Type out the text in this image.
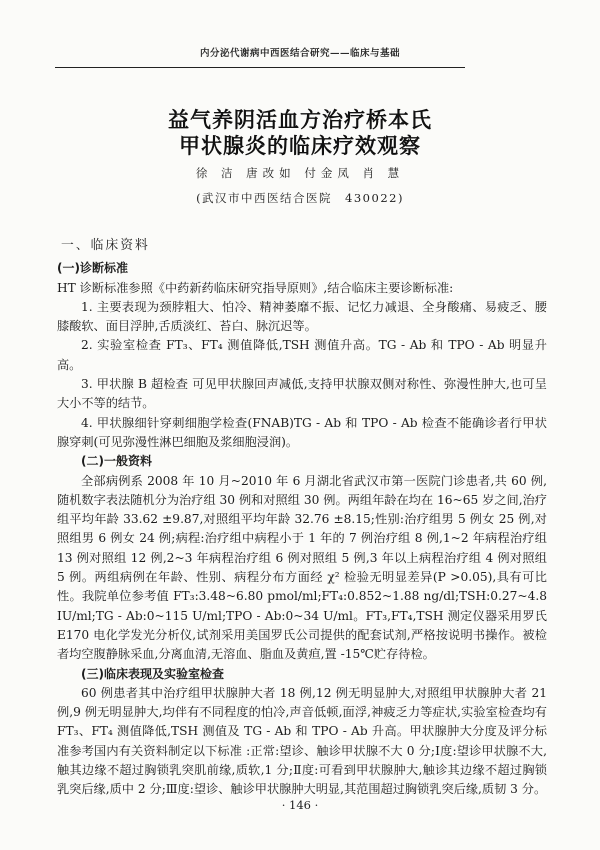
内分泌代谢病中西医结合研究——临床与基础
益气养阴活血方治疗桥本氏
甲状腺炎的临床疗效观察
徐 洁 唐改如 付金凤 肖 慧
(武汉市中西医结合医院　430022)
一、临床资料
(一)诊断标准

HT 诊断标准参照《中药新药临床研究指导原则》,结合临床主要诊断标准:

1. 主要表现为颈脖粗大、怕冷、精神萎靡不振、记忆力减退、全身酸痛、易疲乏、腰膝酸软、面目浮肿,舌质淡红、苔白、脉沉迟等。

2. 实验室检查 FT₃、FT₄ 测值降低,TSH 测值升高。TG - Ab 和 TPO - Ab 明显升高。

3. 甲状腺 B 超检查 可见甲状腺回声减低,支持甲状腺双侧对称性、弥漫性肿大,也可呈大小不等的结节。

4. 甲状腺细针穿刺细胞学检查(FNAB)TG - Ab 和 TPO - Ab 检查不能确诊者行甲状腺穿刺(可见弥漫性淋巴细胞及浆细胞浸润)。

(二)一般资料

全部病例系 2008 年 10 月~2010 年 6 月湖北省武汉市第一医院门诊患者,共 60 例,随机数字表法随机分为治疗组 30 例和对照组 30 例。两组年龄在均在 16~65 岁之间,治疗组平均年龄 33.62 ±9.87,对照组平均年龄 32.76 ±8.15;性别:治疗组男 5 例女 25 例,对照组男 6 例女 24 例;病程:治疗组中病程小于 1 年的 7 例治疗组 8 例,1~2 年病程治疗组 13 例对照组 12 例,2~3 年病程治疗组 6 例对照组 5 例,3 年以上病程治疗组 4 例对照组 5 例。两组病例在年龄、性别、病程分布方面经 χ² 检验无明显差异(P >0.05),具有可比性。我院单位参考值 FT₃:3.48~6.80 pmol/ml;FT₄:0.852~1.88 ng/dl;TSH:0.27~4.8 IU/ml;TG - Ab:0~115 U/ml;TPO - Ab:0~34 U/ml。FT₃,FT₄,TSH 测定仪器采用罗氏 E170 电化学发光分析仪,试剂采用美国罗氏公司提供的配套试剂,严格按说明书操作。被检者均空腹静脉采血,分离血清,无溶血、脂血及黄疸,置 -15℃贮存待检。

(三)临床表现及实验室检查

60 例患者其中治疗组甲状腺肿大者 18 例,12 例无明显肿大,对照组甲状腺肿大者 21 例,9 例无明显肿大,均伴有不同程度的怕冷,声音低顿,面浮,神疲乏力等症状,实验室检查均有 FT₃、FT₄ 测值降低,TSH 测值及 TG - Ab 和 TPO - Ab 升高。甲状腺肿大分度及评分标准参考国内有关资料制定以下标准 :正常:望诊、触诊甲状腺不大 0 分;Ⅰ度:望诊甲状腺不大,触其边缘不超过胸锁乳突肌前缘,质软,1 分;Ⅱ度:可看到甲状腺肿大,触诊其边缘不超过胸锁乳突后缘,质中 2 分;Ⅲ度:望诊、触诊甲状腺肿大明显,其范围超过胸锁乳突后缘,质韧 3 分。

· 146 ·
